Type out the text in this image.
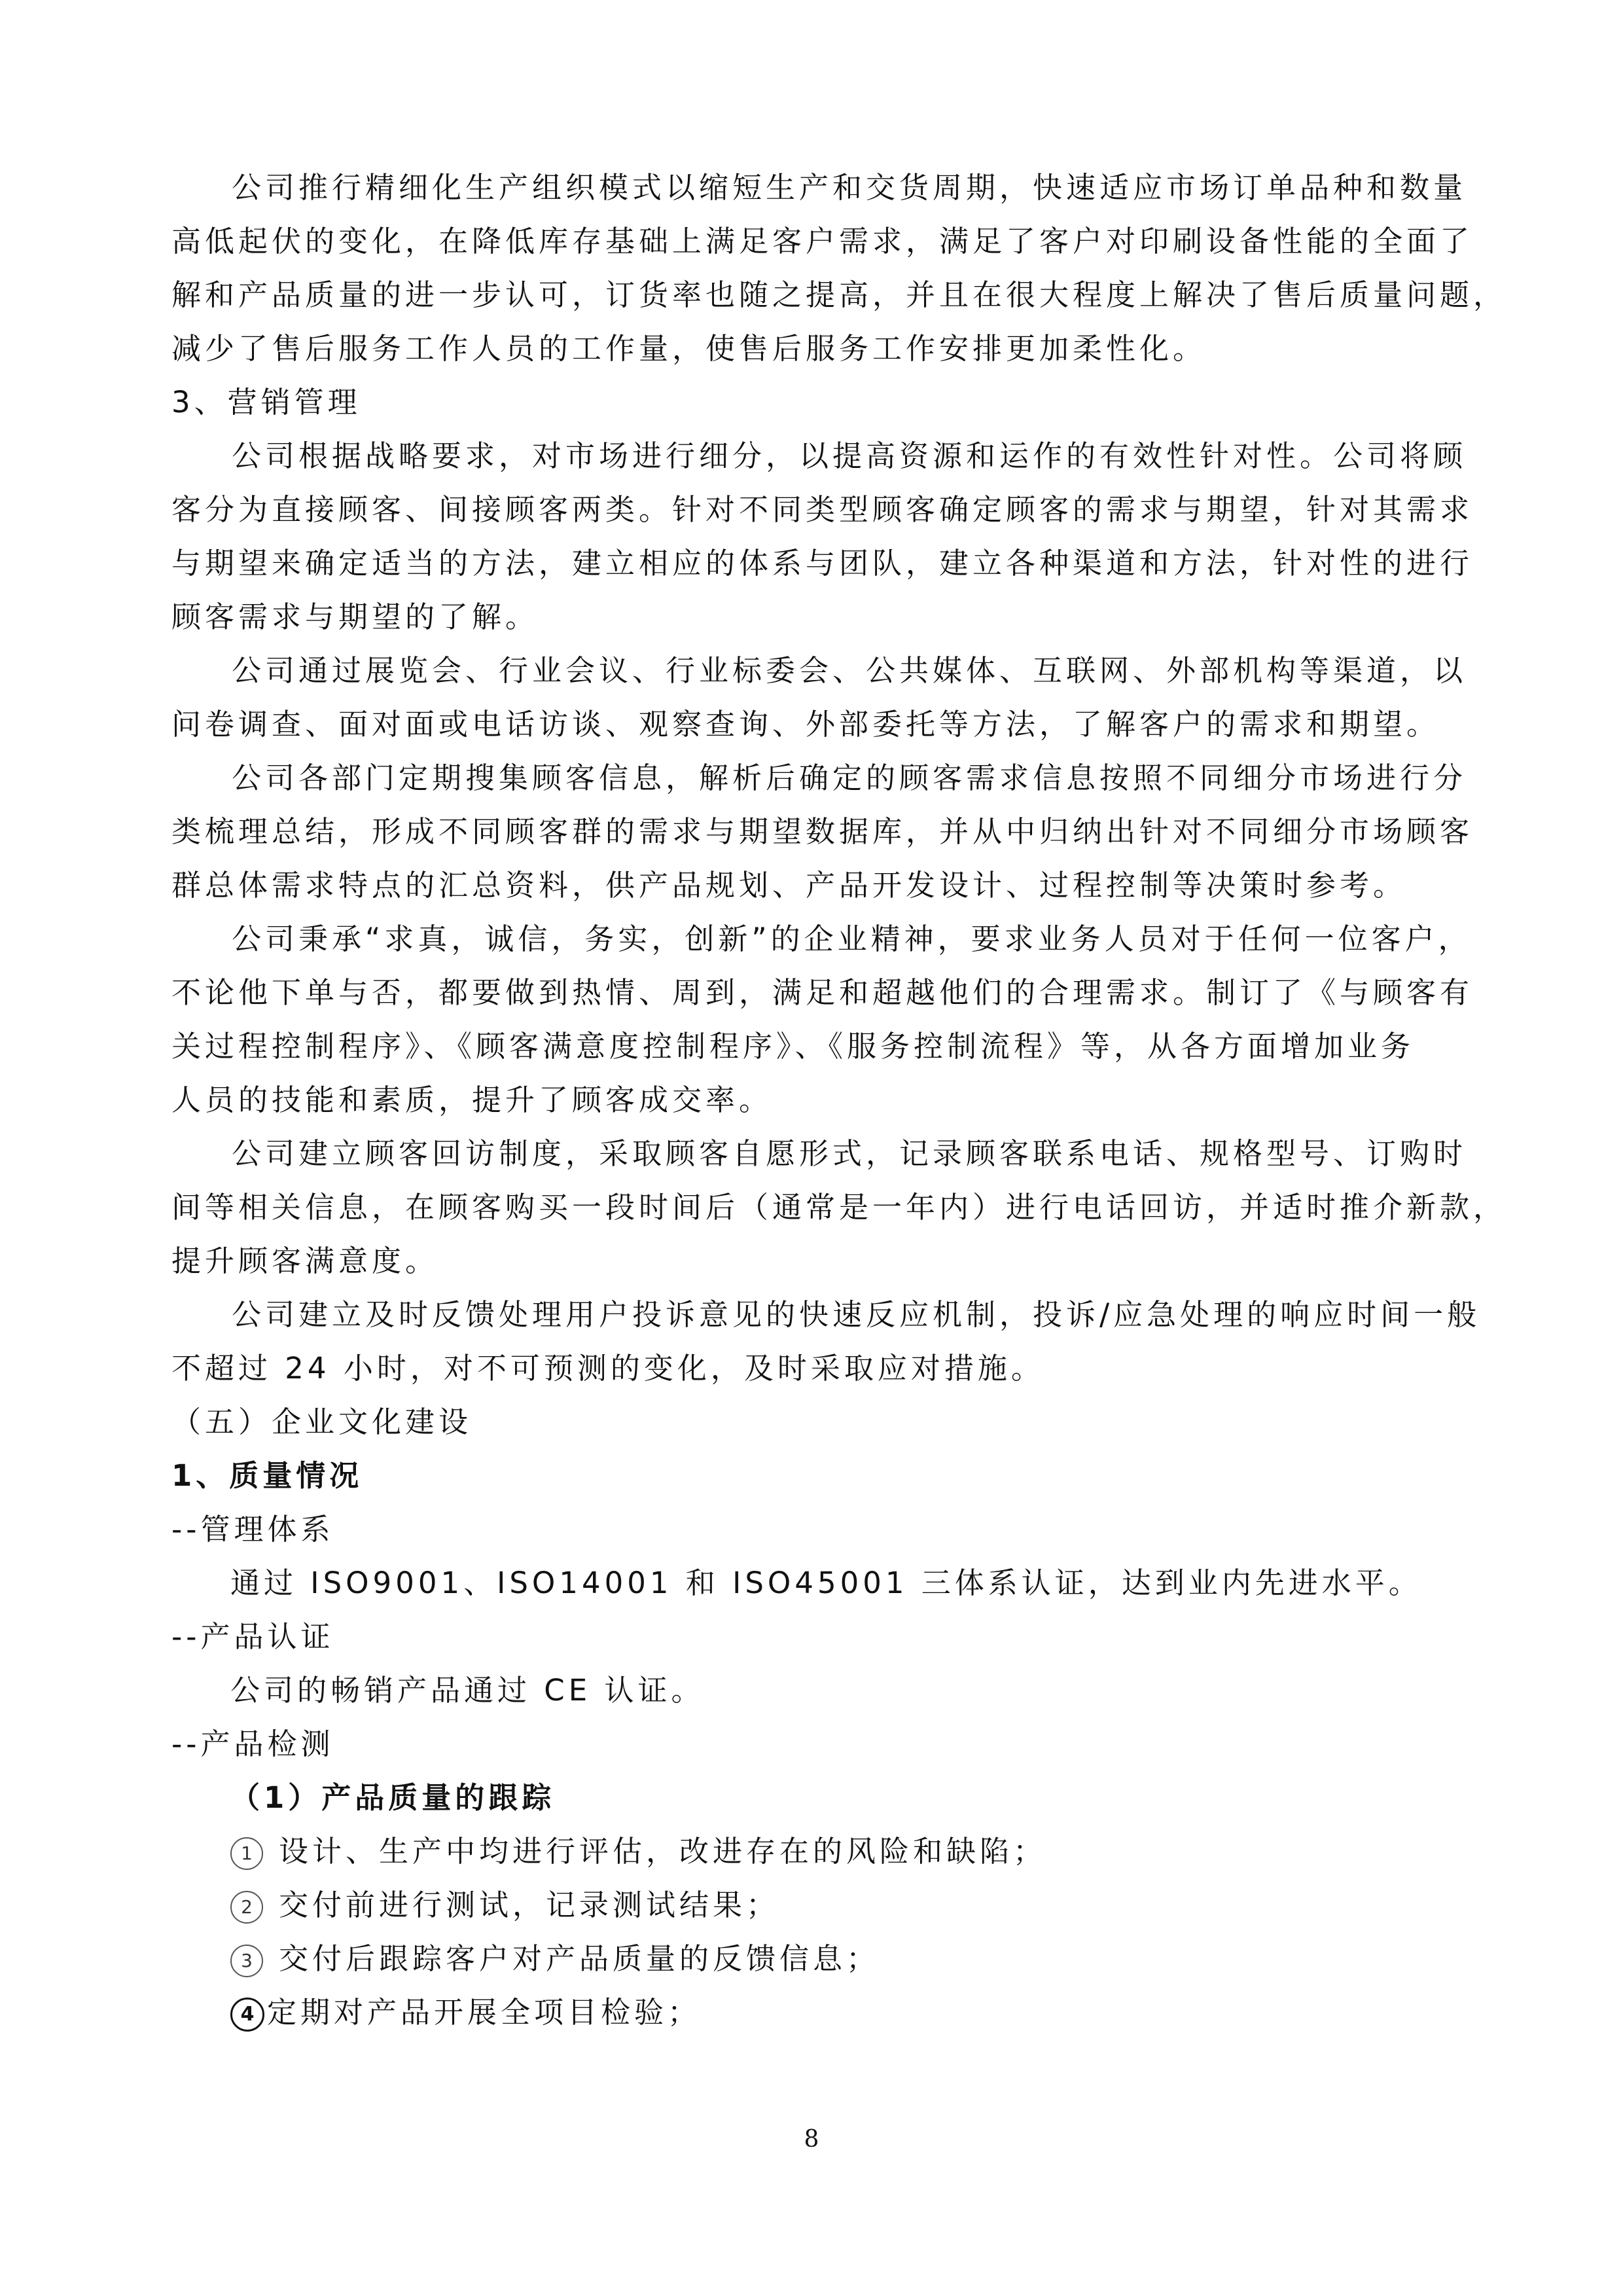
公司推行精细化生产组织模式以缩短生产和交货周期，快速适应市场订单品种和数量
高低起伏的变化，在降低库存基础上满足客户需求，满足了客户对印刷设备性能的全面了
解和产品质量的进一步认可，订货率也随之提高，并且在很大程度上解决了售后质量问题，
减少了售后服务工作人员的工作量，使售后服务工作安排更加柔性化。
3、营销管理
公司根据战略要求，对市场进行细分，以提高资源和运作的有效性针对性。公司将顾
客分为直接顾客、间接顾客两类。针对不同类型顾客确定顾客的需求与期望，针对其需求
与期望来确定适当的方法，建立相应的体系与团队，建立各种渠道和方法，针对性的进行
顾客需求与期望的了解。
公司通过展览会、行业会议、行业标委会、公共媒体、互联网、外部机构等渠道，以
问卷调查、面对面或电话访谈、观察查询、外部委托等方法，了解客户的需求和期望。
公司各部门定期搜集顾客信息，解析后确定的顾客需求信息按照不同细分市场进行分
类梳理总结，形成不同顾客群的需求与期望数据库，并从中归纳出针对不同细分市场顾客
群总体需求特点的汇总资料，供产品规划、产品开发设计、过程控制等决策时参考。
公司秉承“求真，诚信，务实，创新”的企业精神，要求业务人员对于任何一位客户，
不论他下单与否，都要做到热情、周到，满足和超越他们的合理需求。制订了《与顾客有
关过程控制程序》、《顾客满意度控制程序》、《服务控制流程》等，从各方面增加业务
人员的技能和素质，提升了顾客成交率。
公司建立顾客回访制度，采取顾客自愿形式，记录顾客联系电话、规格型号、订购时
间等相关信息，在顾客购买一段时间后（通常是一年内）进行电话回访，并适时推介新款，
提升顾客满意度。
公司建立及时反馈处理用户投诉意见的快速反应机制，投诉/应急处理的响应时间一般
不超过 24 小时，对不可预测的变化，及时采取应对措施。
（五）企业文化建设
1、质量情况
--管理体系
通过 ISO9001、ISO14001 和 ISO45001 三体系认证，达到业内先进水平。
--产品认证
公司的畅销产品通过 CE 认证。
--产品检测
（1）产品质量的跟踪
1 设计、生产中均进行评估，改进存在的风险和缺陷；
2 交付前进行测试，记录测试结果；
3 交付后跟踪客户对产品质量的反馈信息；
4 定期对产品开展全项目检验；
8
